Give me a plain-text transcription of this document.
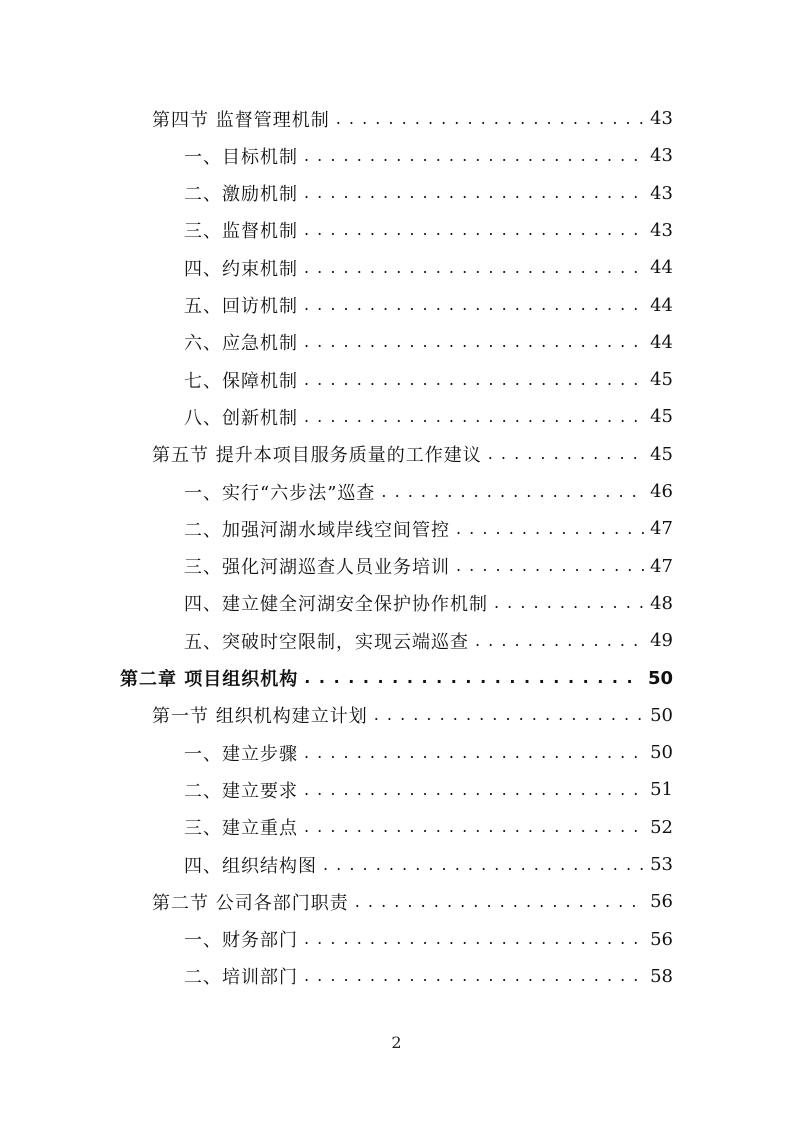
第四节 监督管理机制 . . .	43
一、目标机制 . . .	43
二、激励机制 . . .	43
三、监督机制 . . .	43
四、约束机制 . . .	44
五、回访机制 . . .	44
六、应急机制 . . .	44
七、保障机制 . . .	45
八、创新机制 . . .	45
第五节 提升本项目服务质量的工作建议 . . .	45
一、实行“六步法”巡查 . . .	46
二、加强河湖水域岸线空间管控 . . .	47
三、强化河湖巡查人员业务培训 . . .	47
四、建立健全河湖安全保护协作机制 . . .	48
五、突破时空限制，实现云端巡查 . . .	49
第二章 项目组织机构 . . .	50
第一节 组织机构建立计划 . . .	50
一、建立步骤 . . .	50
二、建立要求 . . .	51
三、建立重点 . . .	52
四、组织结构图 . . .	53
第二节 公司各部门职责 . . .	56
一、财务部门 . . .	56
二、培训部门 . . .	58
2
